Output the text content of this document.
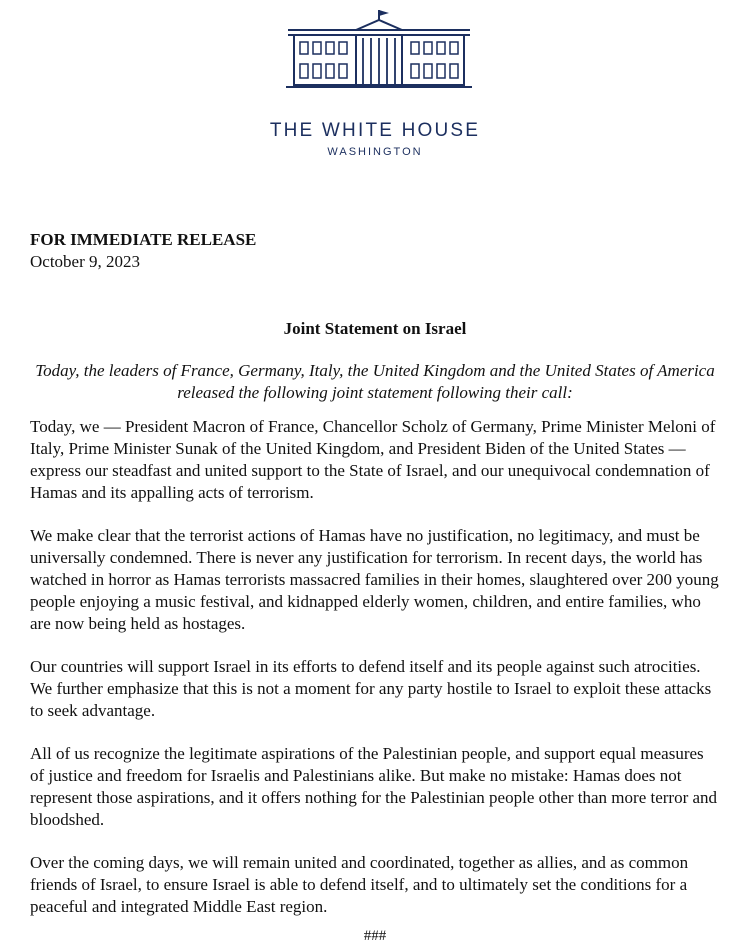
THE WHITE HOUSE
WASHINGTON
FOR IMMEDIATE RELEASE
October 9, 2023
Joint Statement on Israel
Today, the leaders of France, Germany, Italy, the United Kingdom and the United States of America released the following joint statement following their call:

Today, we — President Macron of France, Chancellor Scholz of Germany, Prime Minister Meloni of Italy, Prime Minister Sunak of the United Kingdom, and President Biden of the United States — express our steadfast and united support to the State of Israel, and our unequivocal condemnation of Hamas and its appalling acts of terrorism.

We make clear that the terrorist actions of Hamas have no justification, no legitimacy, and must be universally condemned. There is never any justification for terrorism. In recent days, the world has watched in horror as Hamas terrorists massacred families in their homes, slaughtered over 200 young people enjoying a music festival, and kidnapped elderly women, children, and entire families, who are now being held as hostages.

Our countries will support Israel in its efforts to defend itself and its people against such atrocities. We further emphasize that this is not a moment for any party hostile to Israel to exploit these attacks to seek advantage.

All of us recognize the legitimate aspirations of the Palestinian people, and support equal measures of justice and freedom for Israelis and Palestinians alike. But make no mistake: Hamas does not represent those aspirations, and it offers nothing for the Palestinian people other than more terror and bloodshed.

Over the coming days, we will remain united and coordinated, together as allies, and as common friends of Israel, to ensure Israel is able to defend itself, and to ultimately set the conditions for a peaceful and integrated Middle East region.

###
